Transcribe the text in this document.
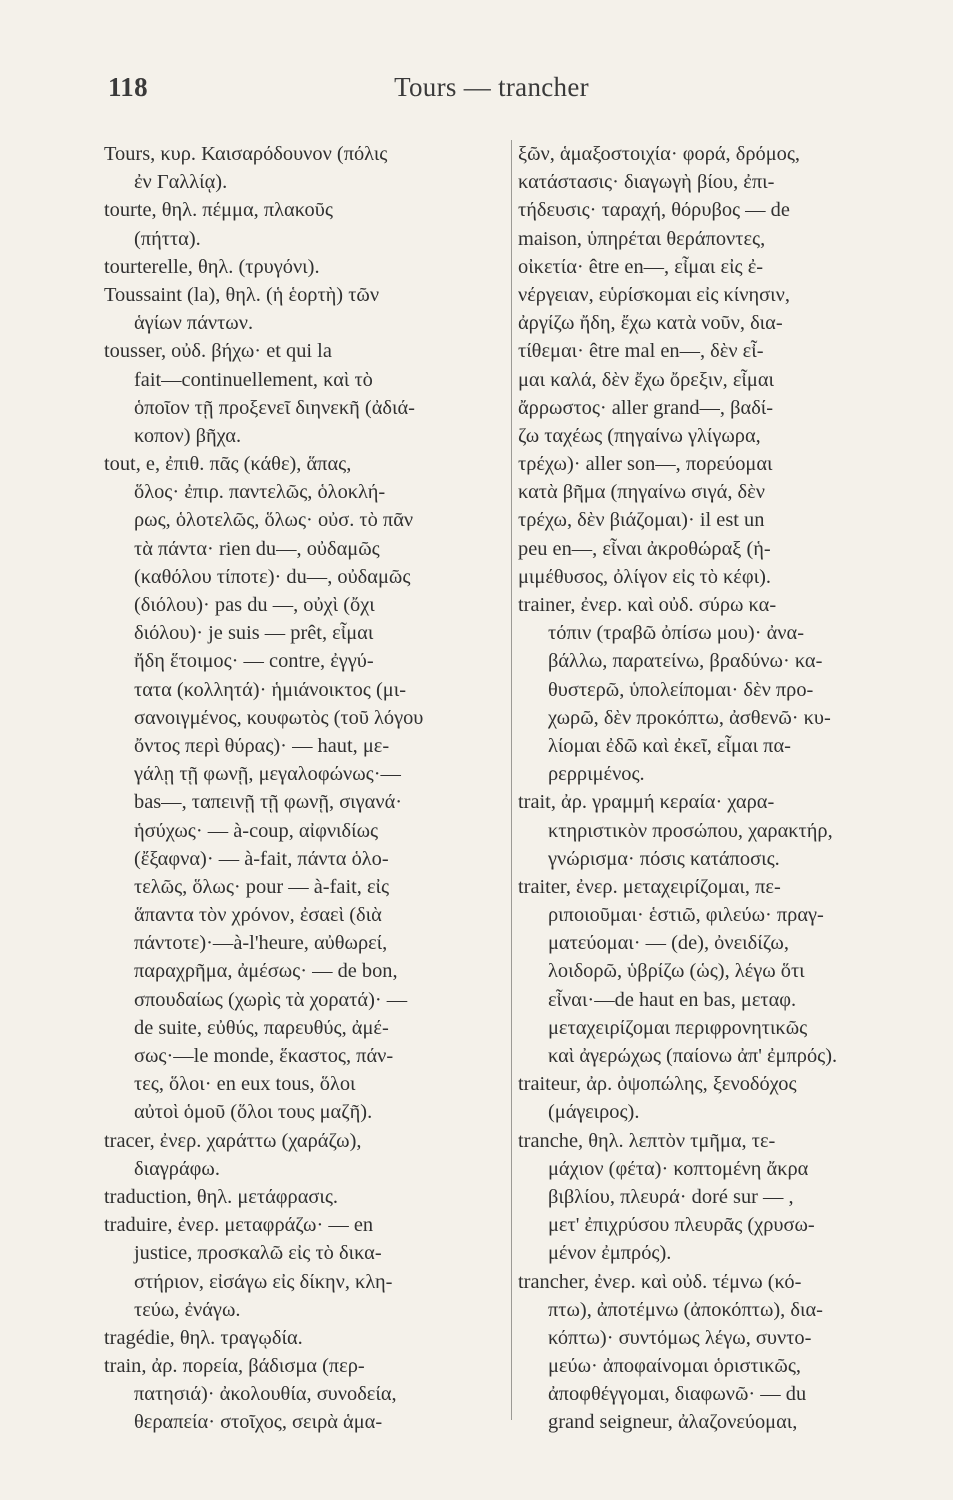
118	Tours — trancher
Tours, κυρ. Καισαρόδουνον (πόλις
ἐν Γαλλίᾳ).
tourte, θηλ. πέμμα, πλακοῦς
(πήττα).
tourterelle, θηλ. (τρυγόνι).
Toussaint (la), θηλ. (ἡ ἑορτὴ) τῶν
ἁγίων πάντων.
tousser, οὐδ. βήχω· et qui la
fait—continuellement, καὶ τὸ
ὁποῖον τῇ προξενεῖ διηνεκῆ (ἀδιά-
κοπον) βῆχα.
tout, e, ἐπιθ. πᾶς (κάθε), ἅπας,
ὅλος· ἐπιρ. παντελῶς, ὁλοκλή-
ρως, ὁλοτελῶς, ὅλως· οὐσ. τὸ πᾶν
τὰ πάντα· rien du—, οὐδαμῶς
(καθόλου τίποτε)· du—, οὐδαμῶς
(διόλου)· pas du —, οὐχὶ (ὄχι
διόλου)· je suis — prêt, εἶμαι
ἤδη ἕτοιμος· — contre, ἐγγύ-
τατα (κολλητά)· ἡμιάνοικτος (μι-
σανοιγμένος, κουφωτὸς (τοῦ λόγου
ὄντος περὶ θύρας)· — haut, με-
γάλῃ τῇ φωνῇ, μεγαλοφώνως·—
bas—, ταπεινῇ τῇ φωνῇ, σιγανά·
ἡσύχως· — à-coup, αἰφνιδίως
(ἔξαφνα)· — à-fait, πάντα ὁλο-
τελῶς, ὅλως· pour — à-fait, εἰς
ἅπαντα τὸν χρόνον, ἐσαεὶ (διὰ
πάντοτε)·—à-l'heure, αὐθωρεί,
παραχρῆμα, ἀμέσως· — de bon,
σπουδαίως (χωρὶς τὰ χορατά)· —
de suite, εὐθύς, παρευθύς, ἀμέ-
σως·—le monde, ἕκαστος, πάν-
τες, ὅλοι· en eux tous, ὅλοι
αὐτοὶ ὁμοῦ (ὅλοι τους μαζῆ).
tracer, ἐνερ. χαράττω (χαράζω),
διαγράφω.
traduction, θηλ. μετάφρασις.
traduire, ἐνερ. μεταφράζω· — en
justice, προσκαλῶ εἰς τὸ δικα-
στήριον, εἰσάγω εἰς δίκην, κλη-
τεύω, ἐνάγω.
tragédie, θηλ. τραγῳδία.
train, ἀρ. πορεία, βάδισμα (περ-
πατησιά)· ἀκολουθία, συνοδεία,
θεραπεία· στοῖχος, σειρὰ ἁμα-
ξῶν, ἁμαξοστοιχία· φορά, δρόμος,
κατάστασις· διαγωγὴ βίου, ἐπι-
τήδευσις· ταραχή, θόρυβος — de
maison, ὑπηρέται θεράποντες,
οἰκετία· être en—, εἶμαι εἰς ἐ-
νέργειαν, εὑρίσκομαι εἰς κίνησιν,
ἀργίζω ἤδη, ἔχω κατὰ νοῦν, δια-
τίθεμαι· être mal en—, δὲν εἶ-
μαι καλά, δὲν ἔχω ὄρεξιν, εἶμαι
ἄρρωστος· aller grand—, βαδί-
ζω ταχέως (πηγαίνω γλίγωρα,
τρέχω)· aller son—, πορεύομαι
κατὰ βῆμα (πηγαίνω σιγά, δὲν
τρέχω, δὲν βιάζομαι)· il est un
peu en—, εἶναι ἀκροθώραξ (ἡ-
μιμέθυσος, ὀλίγον εἰς τὸ κέφι).
trainer, ἐνερ. καὶ οὐδ. σύρω κα-
τόπιν (τραβῶ ὀπίσω μου)· ἀνα-
βάλλω, παρατείνω, βραδύνω· κα-
θυστερῶ, ὑπολείπομαι· δὲν προ-
χωρῶ, δὲν προκόπτω, ἀσθενῶ· κυ-
λίομαι ἐδῶ καὶ ἐκεῖ, εἶμαι πα-
ρερριμένος.
trait, ἀρ. γραμμή κεραία· χαρα-
κτηριστικὸν προσώπου, χαρακτήρ,
γνώρισμα· πόσις κατάποσις.
traiter, ἐνερ. μεταχειρίζομαι, πε-
ριποιοῦμαι· ἑστιῶ, φιλεύω· πραγ-
ματεύομαι· — (de), ὀνειδίζω,
λοιδορῶ, ὑβρίζω (ὡς), λέγω ὅτι
εἶναι·—de haut en bas, μεταφ.
μεταχειρίζομαι περιφρονητικῶς
καὶ ἀγερώχως (παίονω ἀπ' ἐμπρός).
traiteur, ἀρ. ὀψοπώλης, ξενοδόχος
(μάγειρος).
tranche, θηλ. λεπτὸν τμῆμα, τε-
μάχιον (φέτα)· κοπτομένη ἄκρα
βιβλίου, πλευρά· doré sur — ,
μετ' ἐπιχρύσου πλευρᾶς (χρυσω-
μένον ἐμπρός).
trancher, ἐνερ. καὶ οὐδ. τέμνω (κό-
πτω), ἀποτέμνω (ἀποκόπτω), δια-
κόπτω)· συντόμως λέγω, συντο-
μεύω· ἀποφαίνομαι ὁριστικῶς,
ἀποφθέγγομαι, διαφωνῶ· — du
grand seigneur, ἀλαζονεύομαι,
